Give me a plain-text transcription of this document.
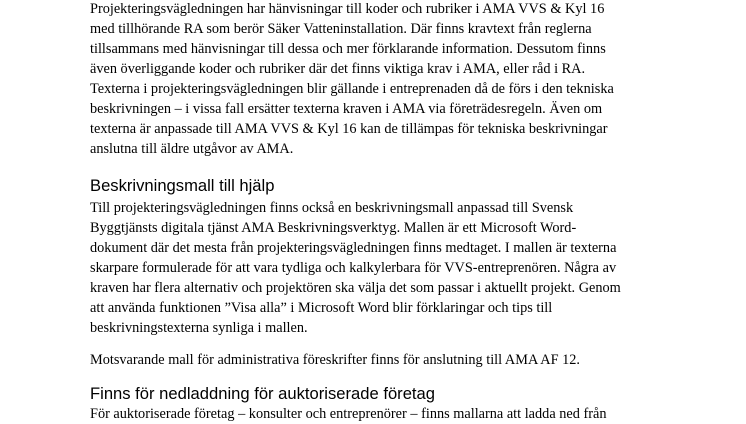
Projekteringsvägledningen har hänvisningar till koder och rubriker i AMA VVS & Kyl 16
med tillhörande RA som berör Säker Vatteninstallation. Där finns kravtext från reglerna
tillsammans med hänvisningar till dessa och mer förklarande information. Dessutom finns
även överliggande koder och rubriker där det finns viktiga krav i AMA, eller råd i RA.
Texterna i projekteringsvägledningen blir gällande i entreprenaden då de förs i den tekniska
beskrivningen – i vissa fall ersätter texterna kraven i AMA via företrädesregeln. Även om
texterna är anpassade till AMA VVS & Kyl 16 kan de tillämpas för tekniska beskrivningar
anslutna till äldre utgåvor av AMA.
Beskrivningsmall till hjälp
Till projekteringsvägledningen finns också en beskrivningsmall anpassad till Svensk
Byggtjänsts digitala tjänst AMA Beskrivningsverktyg. Mallen är ett Microsoft Word-
dokument där det mesta från projekteringsvägledningen finns medtaget. I mallen är texterna
skarpare formulerade för att vara tydliga och kalkylerbara för VVS-entreprenören. Några av
kraven har flera alternativ och projektören ska välja det som passar i aktuellt projekt. Genom
att använda funktionen ”Visa alla” i Microsoft Word blir förklaringar och tips till
beskrivningstexterna synliga i mallen.
Motsvarande mall för administrativa föreskrifter finns för anslutning till AMA AF 12.
Finns för nedladdning för auktoriserade företag
För auktoriserade företag – konsulter och entreprenörer – finns mallarna att ladda ned från
